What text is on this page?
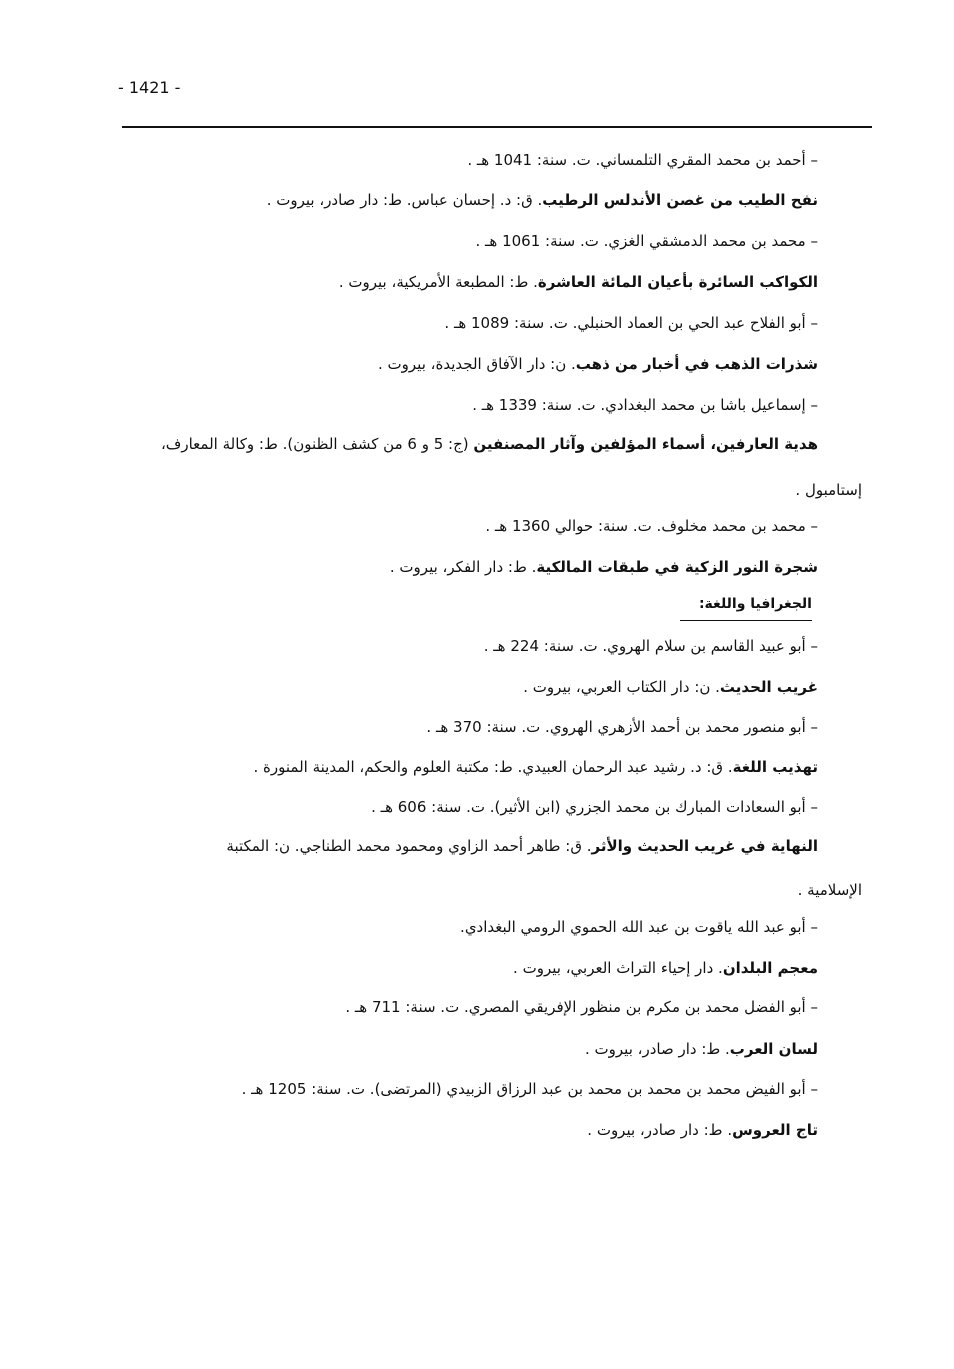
- 1421 -
– أحمد بن محمد المقري التلمساني. ت. سنة: 1041 هـ .
نفح الطيب من غصن الأندلس الرطيب. ق: د. إحسان عباس. ط: دار صادر، بيروت .
– محمد بن محمد الدمشقي الغزي. ت. سنة: 1061 هـ .
الكواكب السائرة بأعيان المائة العاشرة. ط: المطبعة الأمريكية، بيروت .
– أبو الفلاح عبد الحي بن العماد الحنبلي. ت. سنة: 1089 هـ .
شذرات الذهب في أخبار من ذهب. ن: دار الآفاق الجديدة، بيروت .
– إسماعيل باشا بن محمد البغدادي. ت. سنة: 1339 هـ .
هدية العارفين، أسماء المؤلفين وآثار المصنفين (ج: 5 و 6 من كشف الظنون). ط: وكالة المعارف،
إستامبول .
– محمد بن محمد مخلوف. ت. سنة: حوالي 1360 هـ .
شجرة النور الزكية في طبقات المالكية. ط: دار الفكر، بيروت .
الجغرافيا واللغة:
– أبو عبيد القاسم بن سلام الهروي. ت. سنة: 224 هـ .
غريب الحديث. ن: دار الكتاب العربي، بيروت .
– أبو منصور محمد بن أحمد الأزهري الهروي. ت. سنة: 370 هـ .
تهذيب اللغة. ق: د. رشيد عبد الرحمان العبيدي. ط: مكتبة العلوم والحكم، المدينة المنورة .
– أبو السعادات المبارك بن محمد الجزري (ابن الأثير). ت. سنة: 606 هـ .
النهاية في غريب الحديث والأثر. ق: طاهر أحمد الزاوي ومحمود محمد الطناجي. ن: المكتبة
الإسلامية .
– أبو عبد الله ياقوت بن عبد الله الحموي الرومي البغدادي.
معجم البلدان. دار إحياء التراث العربي، بيروت .
– أبو الفضل محمد بن مكرم بن منظور الإفريقي المصري. ت. سنة: 711 هـ .
لسان العرب. ط: دار صادر، بيروت .
– أبو الفيض محمد بن محمد بن محمد بن عبد الرزاق الزبيدي (المرتضى). ت. سنة: 1205 هـ .
تاج العروس. ط: دار صادر، بيروت .
